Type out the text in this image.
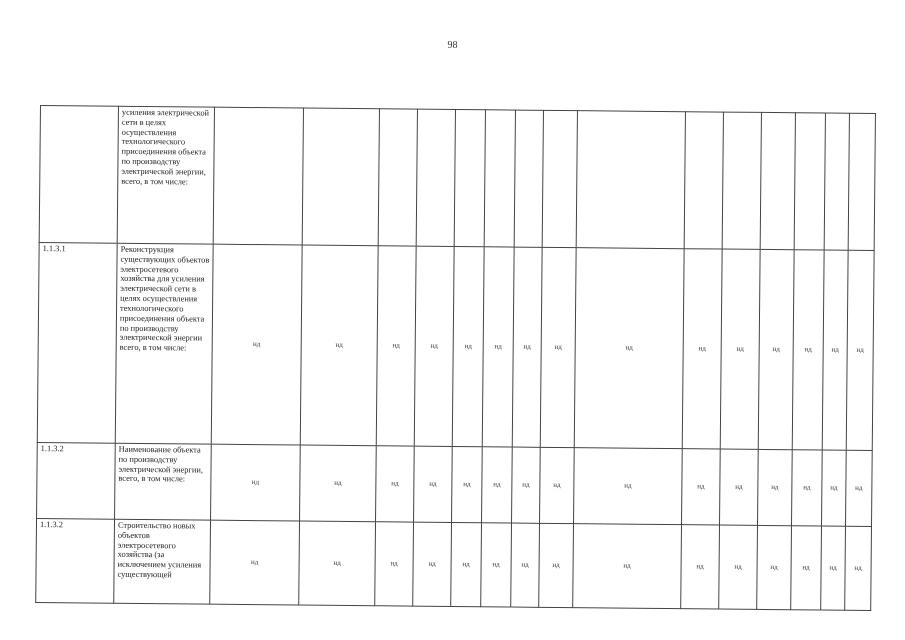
98
	усиления электрической сети в целях осуществления технологического присоединения объекта по производству электрической энергии, всего, в том числе:															
1.1.3.1	Реконструкция существующих объектов электросетевого хозяйства для усиления электрической сети в целях осуществления технологического присоединения объекта по производству электрической энергии всего, в том числе:	нд	нд	нд	нд	нд	нд	нд	нд	нд	нд	нд	нд	нд	нд	нд
1.1.3.2	Наименование объекта по производству электрической энергии, всего, в том числе:	нд	нд	нд	нд	нд	нд	нд	нд	нд	нд	нд	нд	нд	нд	нд
1.1.3.2	Строительство новых объектов электросетевого хозяйства (за исключением усиления существующей	нд	нд	нд	нд	нд	нд	нд	нд	нд	нд	нд	нд	нд	нд	нд
